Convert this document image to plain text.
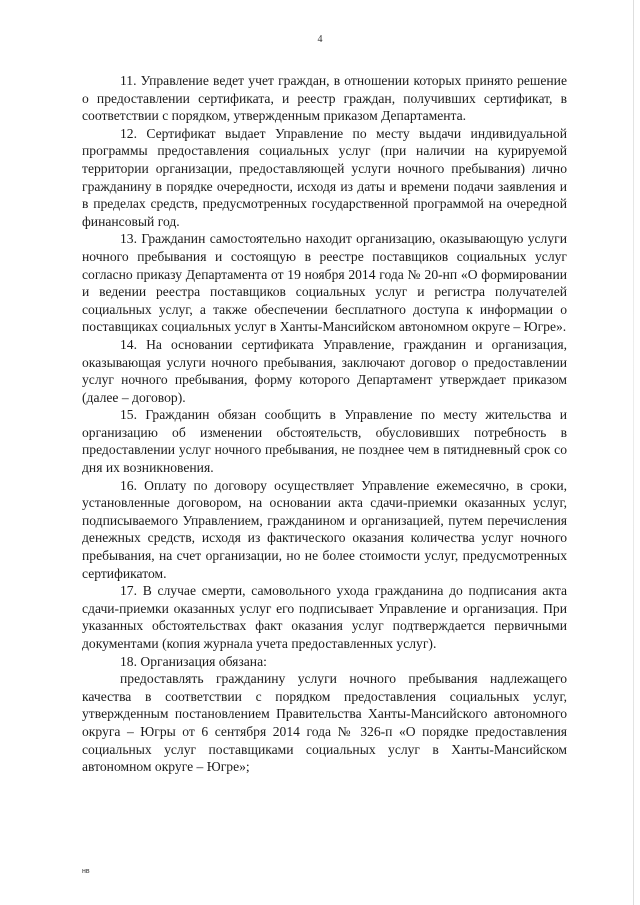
4

11. Управление ведет учет граждан, в отношении которых принято решение о предоставлении сертификата, и реестр граждан, получивших сертификат, в соответствии с порядком, утвержденным приказом Департамента.

12. Сертификат выдает Управление по месту выдачи индивидуальной программы предоставления социальных услуг (при наличии на курируемой территории организации, предоставляющей услуги ночного пребывания) лично гражданину в порядке очередности, исходя из даты и времени подачи заявления и в пределах средств, предусмотренных государственной программой на очередной финансовый год.

13. Гражданин самостоятельно находит организацию, оказывающую услуги ночного пребывания и состоящую в реестре поставщиков социальных услуг согласно приказу Департамента от 19 ноября 2014 года № 20-нп «О формировании и ведении реестра поставщиков социальных услуг и регистра получателей социальных услуг, а также обеспечении бесплатного доступа к информации о поставщиках социальных услуг в Ханты-Мансийском автономном округе – Югре».

14. На основании сертификата Управление, гражданин и организация, оказывающая услуги ночного пребывания, заключают договор о предоставлении услуг ночного пребывания, форму которого Департамент утверждает приказом (далее – договор).

15. Гражданин обязан сообщить в Управление по месту жительства и организацию об изменении обстоятельств, обусловивших потребность в предоставлении услуг ночного пребывания, не позднее чем в пятидневный срок со дня их возникновения.

16. Оплату по договору осуществляет Управление ежемесячно, в сроки, установленные договором, на основании акта сдачи-приемки оказанных услуг, подписываемого Управлением, гражданином и организацией, путем перечисления денежных средств, исходя из фактического оказания количества услуг ночного пребывания, на счет организации, но не более стоимости услуг, предусмотренных сертификатом.

17. В случае смерти, самовольного ухода гражданина до подписания акта сдачи-приемки оказанных услуг его подписывает Управление и организация. При указанных обстоятельствах факт оказания услуг подтверждается первичными документами (копия журнала учета предоставленных услуг).

18. Организация обязана:

предоставлять гражданину услуги ночного пребывания надлежащего качества в соответствии с порядком предоставления социальных услуг, утвержденным постановлением Правительства Ханты-Мансийского автономного округа – Югры от 6 сентября 2014 года № 326-п «О порядке предоставления социальных услуг поставщиками социальных услуг в Ханты-Мансийском автономном округе – Югре»;

нв
